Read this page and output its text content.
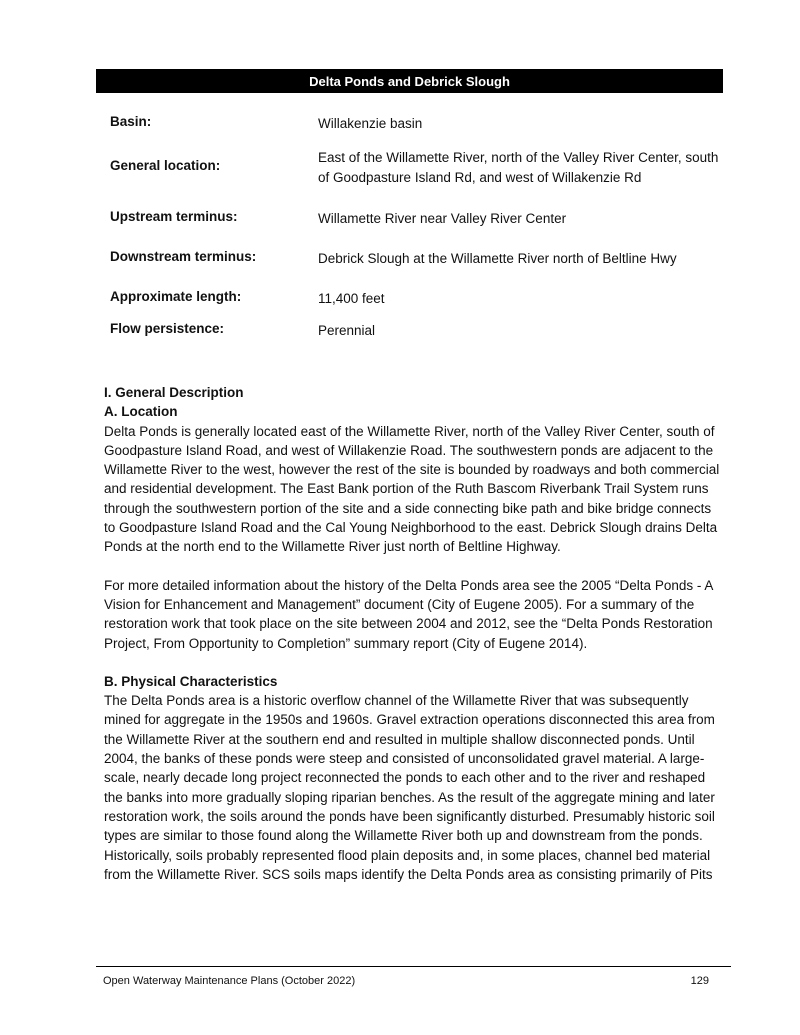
Delta Ponds and Debrick Slough
Basin:	Willakenzie basin
General location:
East of the Willamette River, north of the Valley River Center, south of Goodpasture Island Rd, and west of Willakenzie Rd
Upstream terminus:	Willamette River near Valley River Center
Downstream terminus:	Debrick Slough at the Willamette River north of Beltline Hwy
Approximate length:	11,400 feet
Flow persistence:	Perennial
I. General Description
A. Location

Delta Ponds is generally located east of the Willamette River, north of the Valley River Center, south of Goodpasture Island Road, and west of Willakenzie Road. The southwestern ponds are adjacent to the Willamette River to the west, however the rest of the site is bounded by roadways and both commercial and residential development. The East Bank portion of the Ruth Bascom Riverbank Trail System runs through the southwestern portion of the site and a side connecting bike path and bike bridge connects to Goodpasture Island Road and the Cal Young Neighborhood to the east. Debrick Slough drains Delta Ponds at the north end to the Willamette River just north of Beltline Highway.

For more detailed information about the history of the Delta Ponds area see the 2005 “Delta Ponds - A Vision for Enhancement and Management” document (City of Eugene 2005). For a summary of the restoration work that took place on the site between 2004 and 2012, see the “Delta Ponds Restoration Project, From Opportunity to Completion” summary report (City of Eugene 2014).

B. Physical Characteristics

The Delta Ponds area is a historic overflow channel of the Willamette River that was subsequently mined for aggregate in the 1950s and 1960s. Gravel extraction operations disconnected this area from the Willamette River at the southern end and resulted in multiple shallow disconnected ponds. Until 2004, the banks of these ponds were steep and consisted of unconsolidated gravel material. A large-scale, nearly decade long project reconnected the ponds to each other and to the river and reshaped the banks into more gradually sloping riparian benches. As the result of the aggregate mining and later restoration work, the soils around the ponds have been significantly disturbed. Presumably historic soil types are similar to those found along the Willamette River both up and downstream from the ponds. Historically, soils probably represented flood plain deposits and, in some places, channel bed material from the Willamette River. SCS soils maps identify the Delta Ponds area as consisting primarily of Pits

Open Waterway Maintenance Plans (October 2022)	129
